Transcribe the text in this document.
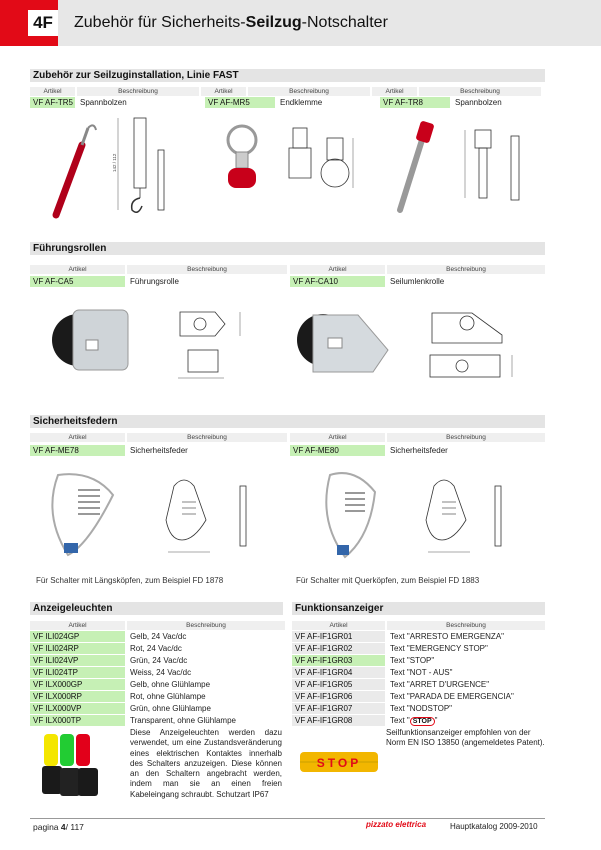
4F	Zubehör für Sicherheits-Seilzug-Notschalter
Zubehör zur Seilzuginstallation, Linie FAST
Artikel	Beschreibung	Artikel	Beschreibung	Artikel	Beschreibung
VF AF-TR5 Spannbolzen	VF AF-MR5	Endklemme	VF AF-TR8	Spannbolzen
142 / 112
Führungsrollen
Artikel	Beschreibung	Artikel	Beschreibung
VF AF-CA5	Führungsrolle	VF AF-CA10	Seilumlenkrolle
Sicherheitsfedern
Artikel	Beschreibung	Artikel	Beschreibung
VF AF-ME78	Sicherheitsfeder	VF AF-ME80	Sicherheitsfeder
Für Schalter mit Längsköpfen, zum Beispiel FD 1878	Für Schalter mit Querköpfen, zum Beispiel FD 1883
Anzeigeleuchten
Artikel	Beschreibung
VF ILI024GP	Gelb, 24 Vac/dc
VF ILI024RP	Rot, 24 Vac/dc
VF ILI024VP	Grün, 24 Vac/dc
VF ILI024TP	Weiss, 24 Vac/dc
VF ILX000GP	Gelb, ohne Glühlampe
VF ILX000RP	Rot, ohne Glühlampe
VF ILX000VP	Grün, ohne Glühlampe
VF ILX000TP	Transparent, ohne Glühlampe
Diese Anzeigeleuchten werden dazu verwendet, um eine Zustandsveränderung eines elektrischen Kontaktes innerhalb des Schalters anzuzeigen. Diese können an den Schaltern angebracht werden, indem man sie an einen freien Kabeleingang schraubt. Schutzart IP67
Funktionsanzeiger
Artikel	Beschreibung
VF AF-IF1GR01	Text "ARRESTO EMERGENZA"
VF AF-IF1GR02	Text "EMERGENCY STOP"
VF AF-IF1GR03	Text "STOP"
VF AF-IF1GR04	Text "NOT - AUS"
VF AF-IF1GR05	Text "ARRET D'URGENCE"
VF AF-IF1GR06	Text "PARADA DE EMERGENCIA"
VF AF-IF1GR07	Text "NODSTOP"
VF AF-IF1GR08	Text " STOP "
STOP
Seilfunktionsanzeiger empfohlen von der Norm EN ISO 13850 (angemeldetes Patent).
pagina 4/ 117	pizzato elettrica	Hauptkatalog 2009-2010
